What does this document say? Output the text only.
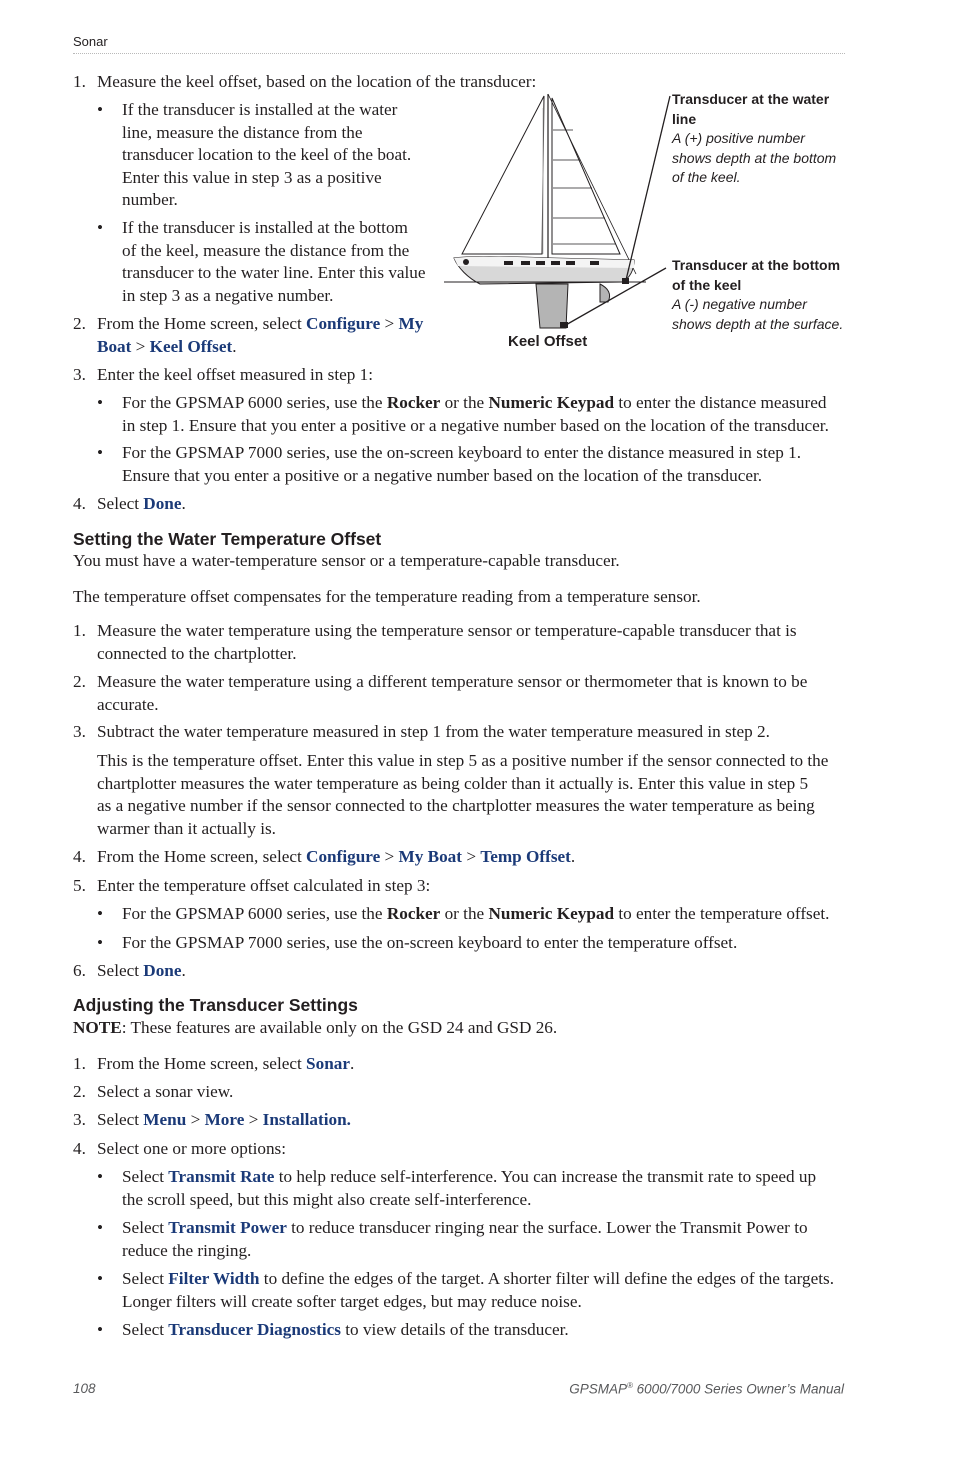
Sonar
1. Measure the keel offset, based on the location of the transducer:
• If the transducer is installed at the water
line, measure the distance from the
transducer location to the keel of the boat.
Enter this value in step 3 as a positive
number.
• If the transducer is installed at the bottom
of the keel, measure the distance from the
transducer to the water line. Enter this value
in step 3 as a negative number.
2. From the Home screen, select Configure > My
Boat > Keel Offset.
Transducer at the water
line
A (+) positive number
shows depth at the bottom
of the keel.
Transducer at the bottom
of the keel
A (-) negative number
shows depth at the surface.
Keel Offset
3. Enter the keel offset measured in step 1:
• For the GPSMAP 6000 series, use the Rocker or the Numeric Keypad to enter the distance measured
in step 1. Ensure that you enter a positive or a negative number based on the location of the transducer.
• For the GPSMAP 7000 series, use the on-screen keyboard to enter the distance measured in step 1.
Ensure that you enter a positive or a negative number based on the location of the transducer.
4. Select Done.
Setting the Water Temperature Offset
You must have a water-temperature sensor or a temperature-capable transducer.
The temperature offset compensates for the temperature reading from a temperature sensor.
1. Measure the water temperature using the temperature sensor or temperature-capable transducer that is
connected to the chartplotter.
2. Measure the water temperature using a different temperature sensor or thermometer that is known to be
accurate.
3. Subtract the water temperature measured in step 1 from the water temperature measured in step 2.
This is the temperature offset. Enter this value in step 5 as a positive number if the sensor connected to the
chartplotter measures the water temperature as being colder than it actually is. Enter this value in step 5
as a negative number if the sensor connected to the chartplotter measures the water temperature as being
warmer than it actually is.
4. From the Home screen, select Configure > My Boat > Temp Offset.
5. Enter the temperature offset calculated in step 3:
• For the GPSMAP 6000 series, use the Rocker or the Numeric Keypad to enter the temperature offset.
• For the GPSMAP 7000 series, use the on-screen keyboard to enter the temperature offset.
6. Select Done.
Adjusting the Transducer Settings
NOTE: These features are available only on the GSD 24 and GSD 26.
1. From the Home screen, select Sonar.
2. Select a sonar view.
3. Select Menu > More > Installation.
4. Select one or more options:
• Select Transmit Rate to help reduce self-interference. You can increase the transmit rate to speed up
the scroll speed, but this might also create self-interference.
• Select Transmit Power to reduce transducer ringing near the surface. Lower the Transmit Power to
reduce the ringing.
• Select Filter Width to define the edges of the target. A shorter filter will define the edges of the targets.
Longer filters will create softer target edges, but may reduce noise.
• Select Transducer Diagnostics to view details of the transducer.
108	GPSMAP® 6000/7000 Series Owner’s Manual
